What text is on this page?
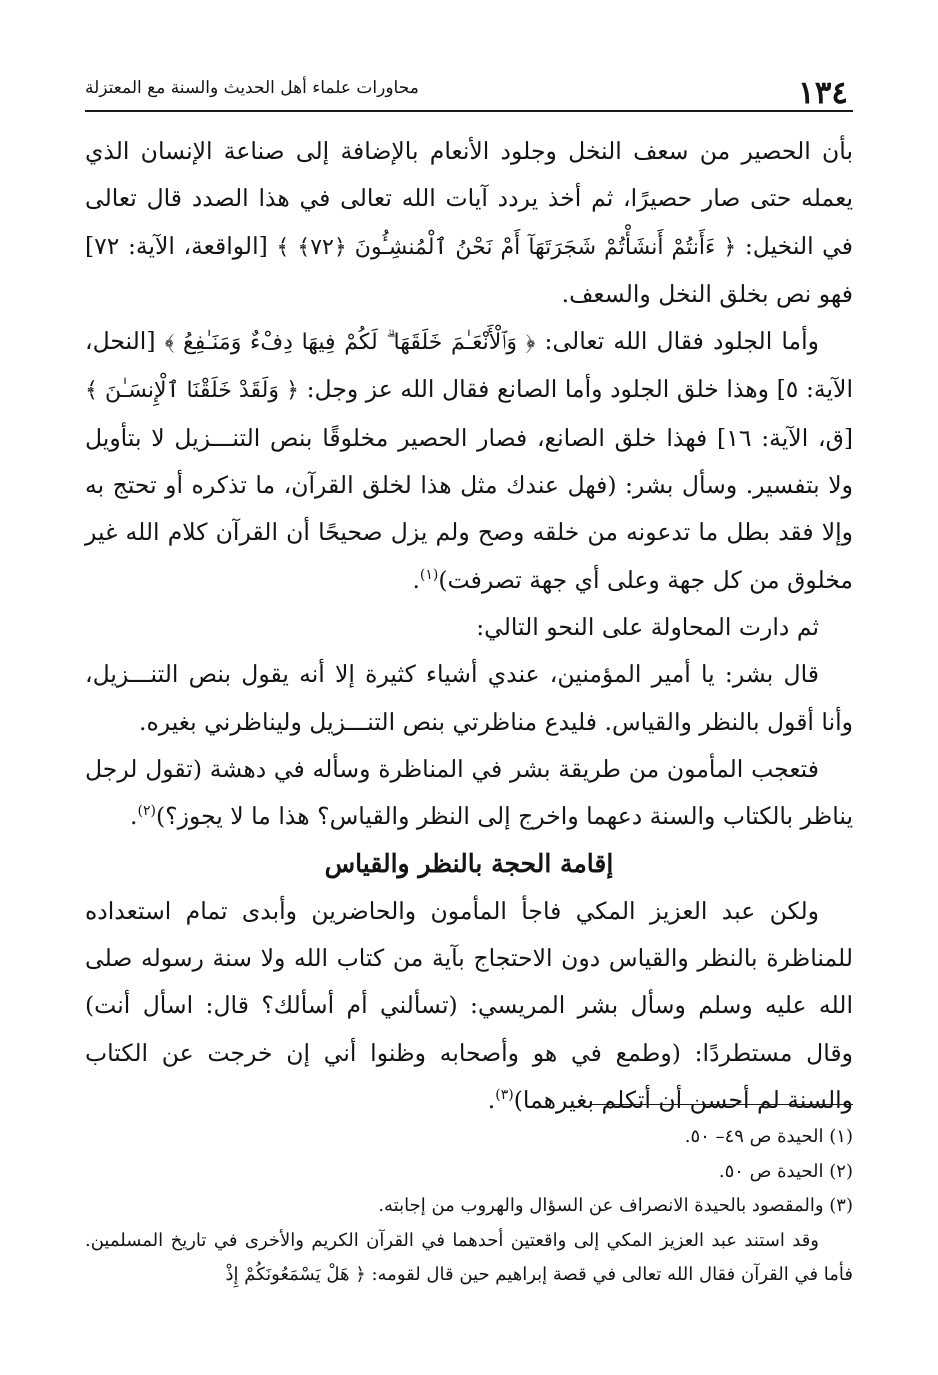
١٣٤
محاورات علماء أهل الحديث والسنة مع المعتزلة

بأن الحصير من سعف النخل وجلود الأنعام بالإضافة إلى صناعة الإنسان الذي يعمله حتى صار حصيرًا، ثم أخذ يردد آيات الله تعالى في هذا الصدد قال تعالى في النخيل: ﴿ ءَأَنتُمْ أَنشَأْتُمْ شَجَرَتَهَآ أَمْ نَحْنُ ٱلْمُنشِـُٔونَ ﴿٧٢﴾ ﴾ [الواقعة، الآية: ٧٢] فهو نص بخلق النخل والسعف.

وأما الجلود فقال الله تعالى: ﴿ وَٱلْأَنْعَـٰمَ خَلَقَهَا ۗ لَكُمْ فِيهَا دِفْءٌ وَمَنَـٰفِعُ ﴾ [النحل، الآية: ٥] وهذا خلق الجلود وأما الصانع فقال الله عز وجل: ﴿ وَلَقَدْ خَلَقْنَا ٱلْإِنسَـٰنَ ﴾ [ق، الآية: ١٦] فهذا خلق الصانع، فصار الحصير مخلوقًا بنص التنـــزيل لا بتأويل ولا بتفسير. وسأل بشر: (فهل عندك مثل هذا لخلق القرآن، ما تذكره أو تحتج به وإلا فقد بطل ما تدعونه من خلقه وصح ولم يزل صحيحًا أن القرآن كلام الله غير مخلوق من كل جهة وعلى أي جهة تصرفت)$^{(١)}$.

ثم دارت المحاولة على النحو التالي:

قال بشر: يا أمير المؤمنين، عندي أشياء كثيرة إلا أنه يقول بنص التنـــزيل، وأنا أقول بالنظر والقياس. فليدع مناظرتي بنص التنـــزيل وليناظرني بغيره.

فتعجب المأمون من طريقة بشر في المناظرة وسأله في دهشة (تقول لرجل يناظر بالكتاب والسنة دعهما واخرج إلى النظر والقياس؟ هذا ما لا يجوز؟)$^{(٢)}$.

إقامة الحجة بالنظر والقياس

ولكن عبد العزيز المكي فاجأ المأمون والحاضرين وأبدى تمام استعداده للمناظرة بالنظر والقياس دون الاحتجاج بآية من كتاب الله ولا سنة رسوله صلى الله عليه وسلم وسأل بشر المريسي: (تسألني أم أسألك؟ قال: اسأل أنت) وقال مستطردًا: (وطمع في هو وأصحابه وظنوا أني إن خرجت عن الكتاب والسنة لم أحسن أن أتكلم بغيرهما)$^{(٣)}$.

(١) الحيدة ص ٤٩– ٥٠.

(٢) الحيدة ص ٥٠.

(٣) والمقصود بالحيدة الانصراف عن السؤال والهروب من إجابته.

وقد استند عبد العزيز المكي إلى واقعتين أحدهما في القرآن الكريم والأخرى في تاريخ المسلمين. فأما في القرآن فقال الله تعالى في قصة إبراهيم حين قال لقومه: ﴿ هَلْ يَسْمَعُونَكُمْ إِذْ
